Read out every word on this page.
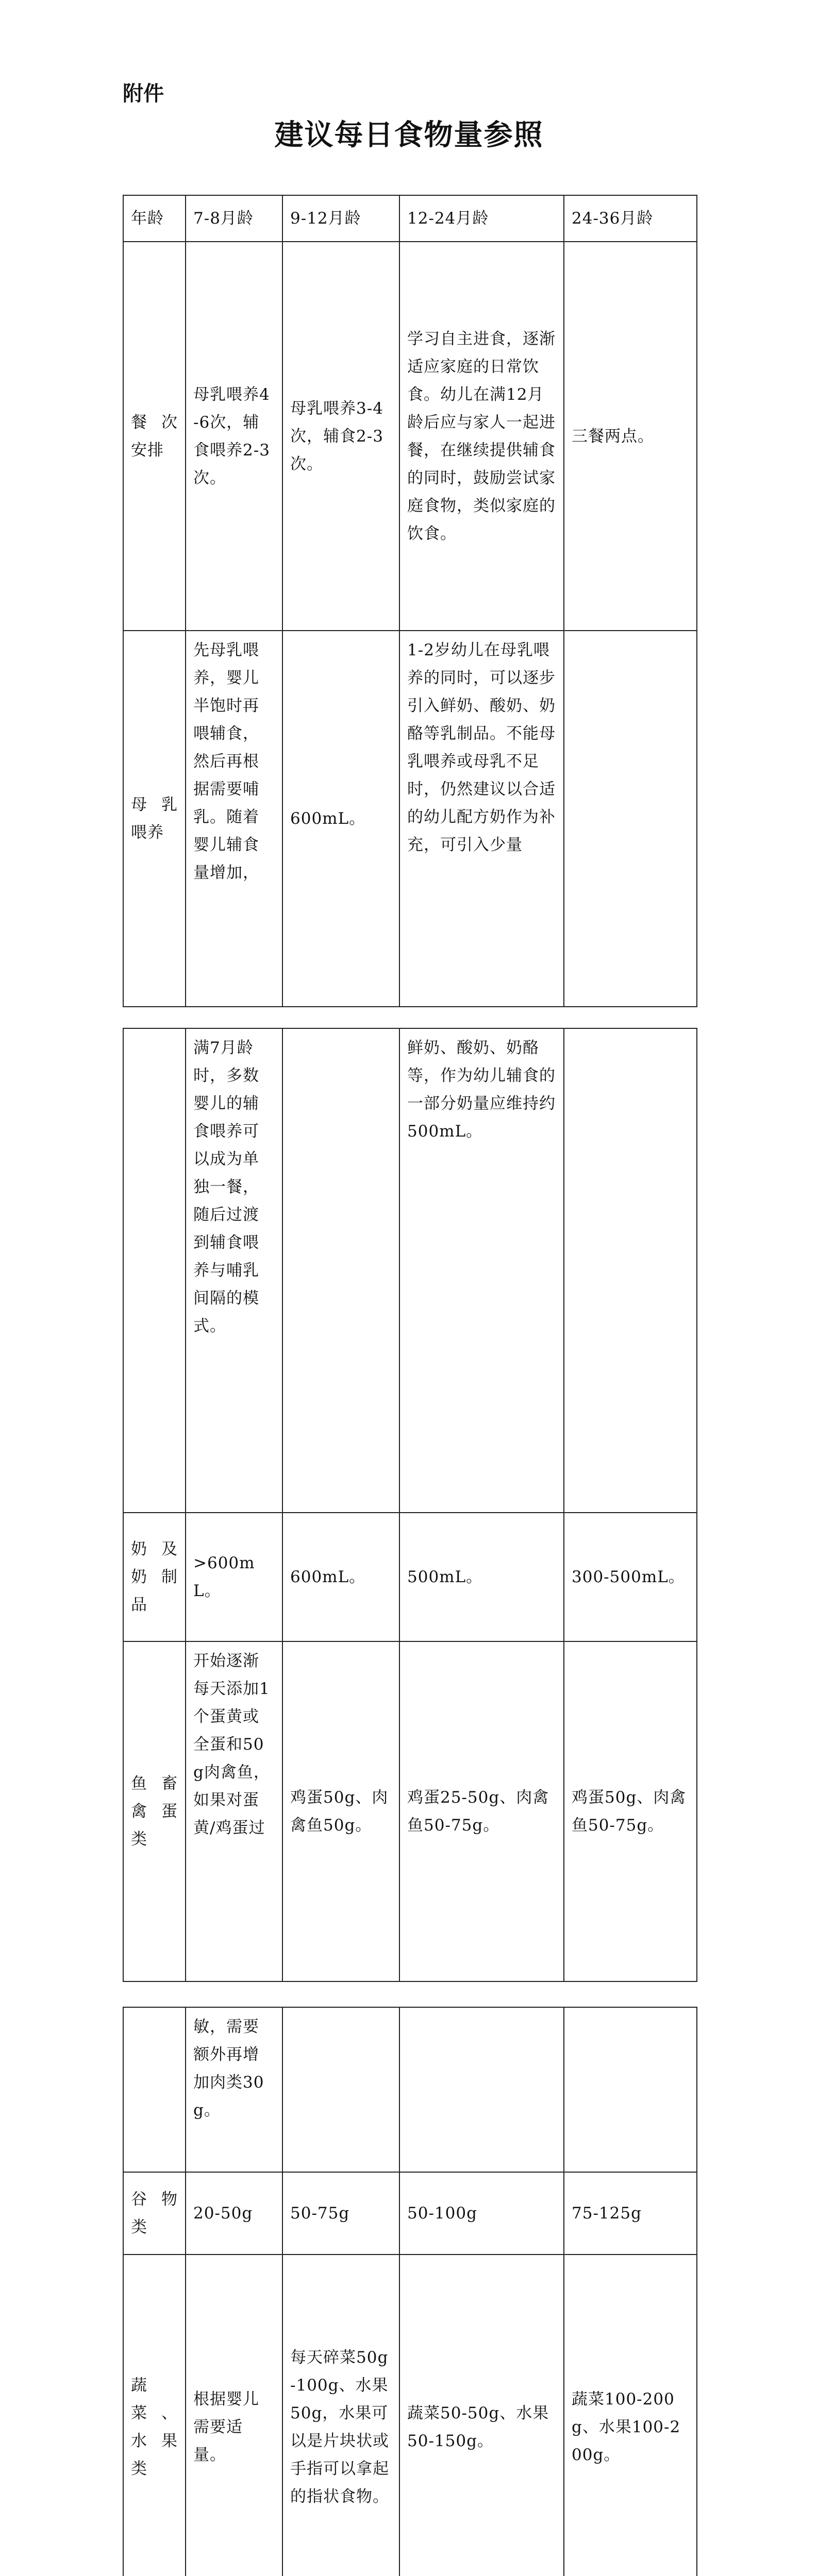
附件
建议每日食物量参照
年龄	7-8月龄	9-12月龄	12-24月龄	24-36月龄
餐次安排	母乳喂养4-6次，辅食喂养2-3次。	母乳喂养3-4次，辅食2-3次。	学习自主进食，逐渐适应家庭的日常饮食。幼儿在满12月龄后应与家人一起进餐，在继续提供辅食的同时，鼓励尝试家庭食物，类似家庭的饮食。	三餐两点。
母乳喂养	先母乳喂养，婴儿半饱时再喂辅食，然后再根据需要哺乳。随着婴儿辅食量增加，	600mL。	1-2岁幼儿在母乳喂养的同时，可以逐步引入鲜奶、酸奶、奶酪等乳制品。不能母乳喂养或母乳不足时，仍然建议以合适的幼儿配方奶作为补充，可引入少量	
	满7月龄时，多数婴儿的辅食喂养可以成为单独一餐，随后过渡到辅食喂养与哺乳间隔的模式。		鲜奶、酸奶、奶酪等，作为幼儿辅食的一部分奶量应维持约500mL。	
奶及奶制品	>600mL。	600mL。	500mL。	300-500mL。
鱼畜禽蛋类	开始逐渐每天添加1个蛋黄或全蛋和50g肉禽鱼，如果对蛋黄/鸡蛋过	鸡蛋50g、肉禽鱼50g。	鸡蛋25-50g、肉禽鱼50-75g。	鸡蛋50g、肉禽鱼50-75g。
	敏，需要额外再增加肉类30g。			
谷物类	20-50g	50-75g	50-100g	75-125g
蔬菜、水果类	根据婴儿需要适量。	每天碎菜50g-100g、水果50g，水果可以是片块状或手指可以拿起的指状食物。	蔬菜50-50g、水果50-150g。	蔬菜100-200g、水果100-200g。
